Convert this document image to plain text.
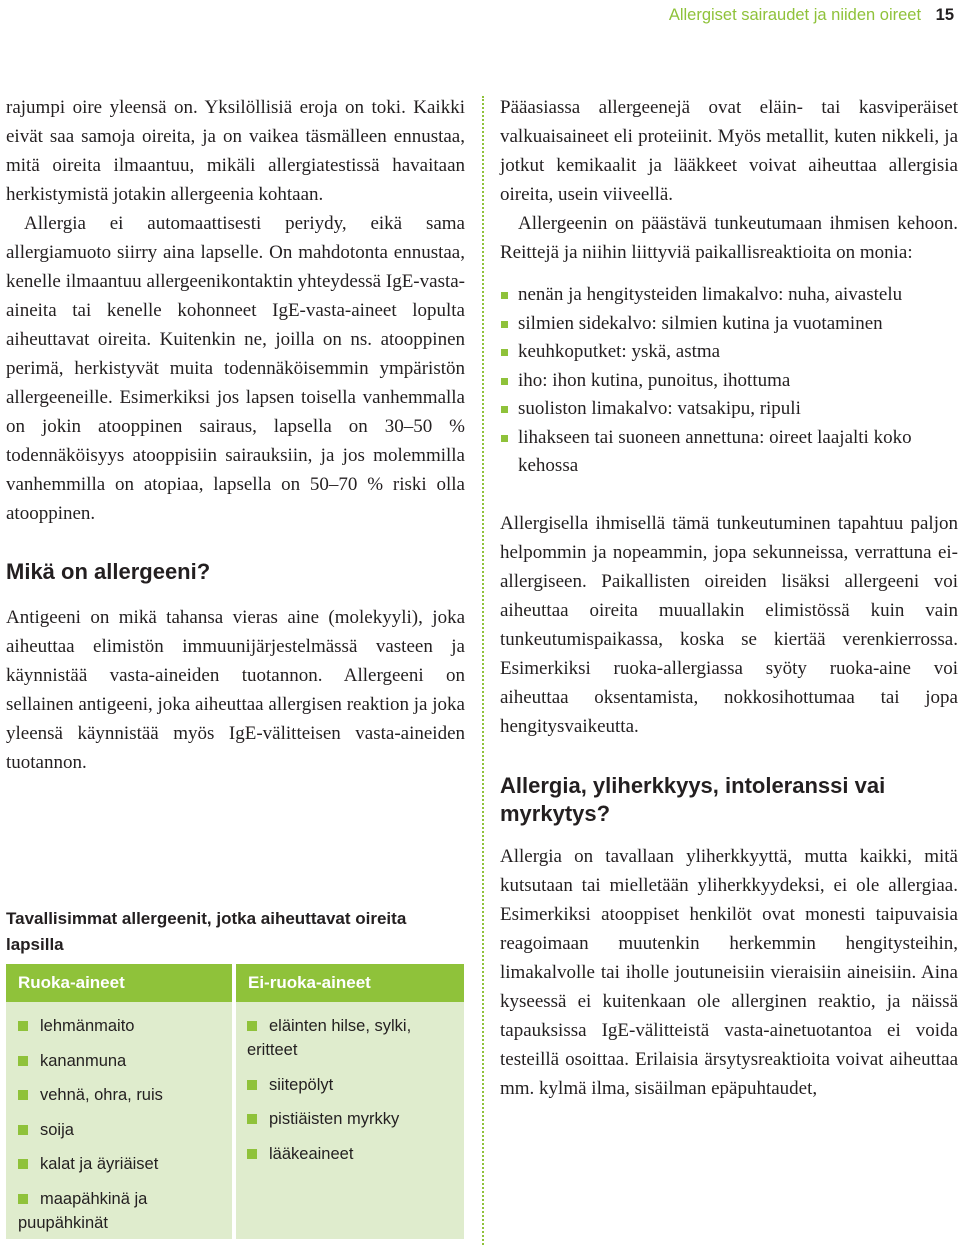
Allergiset sairaudet ja niiden oireet 15

rajumpi oire yleensä on. Yksilöllisiä eroja on toki. Kaikki eivät saa samoja oireita, ja on vaikea täsmälleen ennustaa, mitä oireita ilmaantuu, mikäli allergiatestissä havaitaan herkistymistä jotakin allergeenia kohtaan.

Allergia ei automaattisesti periydy, eikä sama allergiamuoto siirry aina lapselle. On mahdotonta ennustaa, kenelle ilmaantuu allergeenikontaktin yhteydessä IgE-vasta-aineita tai kenelle kohonneet IgE-vasta-aineet lopulta aiheuttavat oireita. Kuitenkin ne, joilla on ns. atooppinen perimä, herkistyvät muita todennäköisemmin ympäristön allergeeneille. Esimerkiksi jos lapsen toisella vanhemmalla on jokin atooppinen sairaus, lapsella on 30–50 % todennäköisyys atooppisiin sairauksiin, ja jos molemmilla vanhemmilla on atopiaa, lapsella on 50–70 % riski olla atooppinen.

Mikä on allergeeni?

Antigeeni on mikä tahansa vieras aine (molekyyli), joka aiheuttaa elimistön immuunijärjestelmässä vasteen ja käynnistää vasta-aineiden tuotannon. Allergeeni on sellainen antigeeni, joka aiheuttaa allergisen reaktion ja joka yleensä käynnistää myös IgE-välitteisen vasta-aineiden tuotannon.

Tavallisimmat allergeenit, jotka aiheuttavat oireita lapsilla
Ruoka-aineet	Ei-ruoka-aineet
lehmänmaito
kananmuna
vehnä, ohra, ruis
soija
kalat ja äyriäiset
maapähkinä ja puupähkinät
eläinten hilse, sylki, eritteet
siitepölyt
pistiäisten myrkky
lääkeaineet

Pääasiassa allergeenejä ovat eläin- tai kasviperäiset valkuaisaineet eli proteiinit. Myös metallit, kuten nikkeli, ja jotkut kemikaalit ja lääkkeet voivat aiheuttaa allergisia oireita, usein viiveellä.

Allergeenin on päästävä tunkeutumaan ihmisen kehoon. Reittejä ja niihin liittyviä paikallisreaktioita on monia:

nenän ja hengitysteiden limakalvo: nuha, aivastelu
silmien sidekalvo: silmien kutina ja vuotaminen
keuhkoputket: yskä, astma
iho: ihon kutina, punoitus, ihottuma
suoliston limakalvo: vatsakipu, ripuli
lihakseen tai suoneen annettuna: oireet laajalti koko kehossa

Allergisella ihmisellä tämä tunkeutuminen tapahtuu paljon helpommin ja nopeammin, jopa sekunneissa, verrattuna ei-allergiseen. Paikallisten oireiden lisäksi allergeeni voi aiheuttaa oireita muuallakin elimistössä kuin vain tunkeutumispaikassa, koska se kiertää verenkierrossa. Esimerkiksi ruoka-allergiassa syöty ruoka-aine voi aiheuttaa oksentamista, nokkosihottumaa tai jopa hengitysvaikeutta.

Allergia, yliherkkyys, intoleranssi vai myrkytys?

Allergia on tavallaan yliherkkyyttä, mutta kaikki, mitä kutsutaan tai mielletään yliherkkyydeksi, ei ole allergiaa. Esimerkiksi atooppiset henkilöt ovat monesti taipuvaisia reagoimaan muutenkin herkemmin hengitysteihin, limakalvolle tai iholle joutuneisiin vieraisiin aineisiin. Aina kyseessä ei kuitenkaan ole allerginen reaktio, ja näissä tapauksissa IgE-välitteistä vasta-ainetuotantoa ei voida testeillä osoittaa. Erilaisia ärsytysreaktioita voivat aiheuttaa mm. kylmä ilma, sisäilman epäpuhtaudet,
